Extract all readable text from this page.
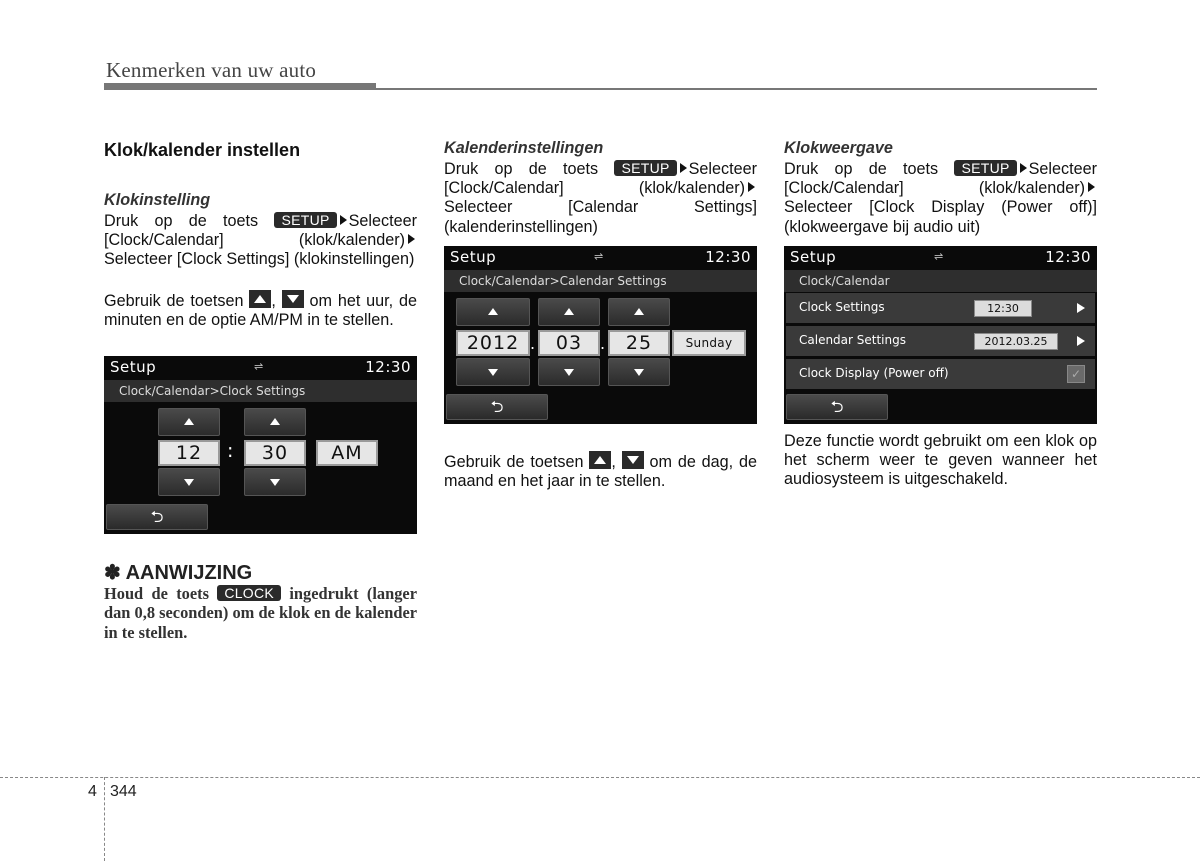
Kenmerken van uw auto
Klok/kalender instellen
Klokinstelling
Druk op de toets SETUP Selecteer [Clock/Calendar] (klok/kalender) Selecteer [Clock Settings] (klokinstellingen)
Gebruik de toetsen , om het uur, de minuten en de optie AM/PM in te stellen.
Setup	⇌	12:30
Clock/Calendar>Clock Settings
12	:	30	AM
⮌
✽ AANWIJZING
Houd de toets CLOCK ingedrukt (langer dan 0,8 seconden) om de klok en de kalender in te stellen.
Kalenderinstellingen
Druk op de toets SETUP Selecteer [Clock/Calendar] (klok/kalender) Selecteer [Calendar Settings] (kalenderinstellingen)
Setup	⇌	12:30
Clock/Calendar>Calendar Settings
2012 .	03	.	25	Sunday
⮌
Gebruik de toetsen , om de dag, de maand en het jaar in te stellen.
Klokweergave
Druk op de toets SETUP Selecteer [Clock/Calendar] (klok/kalender) Selecteer [Clock Display (Power off)] (klokweergave bij audio uit)
Setup	⇌	12:30
Clock/Calendar
Clock Settings	12:30
Calendar Settings	2012.03.25
Clock Display (Power off)	✓
⮌
Deze functie wordt gebruikt om een klok op het scherm weer te geven wanneer het audiosysteem is uitgeschakeld.
4 344
